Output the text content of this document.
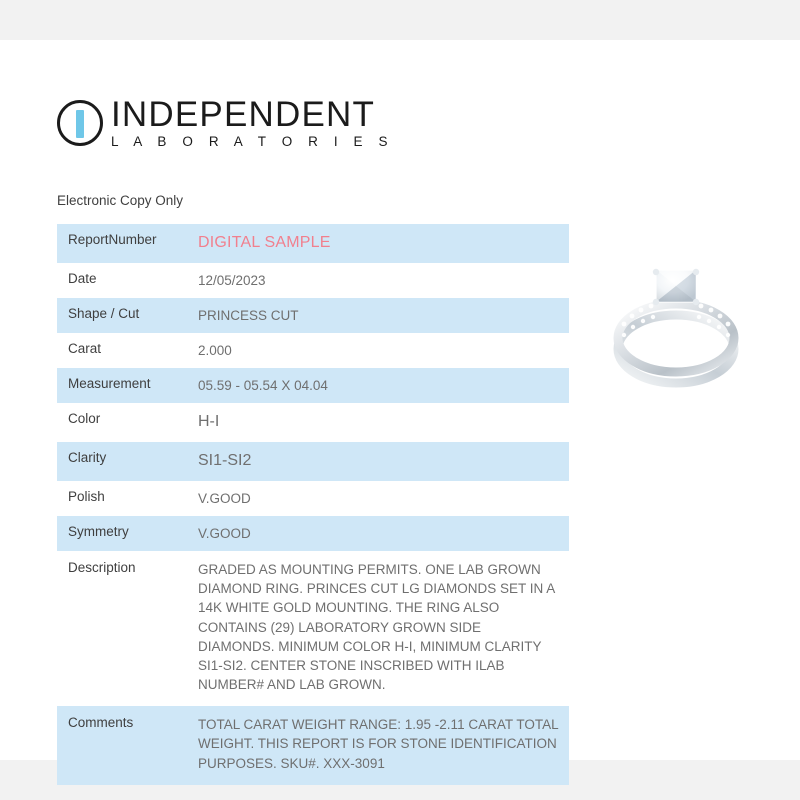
INDEPENDENT
L A B O R A T O R I E S
Electronic Copy Only
ReportNumber	DIGITAL SAMPLE
Date	12/05/2023
Shape / Cut	PRINCESS CUT
Carat	2.000
Measurement	05.59 - 05.54 X 04.04
Color	H-I
Clarity	SI1-SI2
Polish	V.GOOD
Symmetry	V.GOOD
Description	GRADED AS MOUNTING PERMITS. ONE LAB GROWN DIAMOND RING. PRINCES CUT LG DIAMONDS SET IN A 14K WHITE GOLD MOUNTING. THE RING ALSO CONTAINS (29) LABORATORY GROWN SIDE DIAMONDS. MINIMUM COLOR H-I, MINIMUM CLARITY SI1-SI2. CENTER STONE INSCRIBED WITH ILAB NUMBER# AND LAB GROWN.
Comments	TOTAL CARAT WEIGHT RANGE: 1.95 -2.11 CARAT TOTAL WEIGHT. THIS REPORT IS FOR STONE IDENTIFICATION PURPOSES. SKU#. XXX-3091
